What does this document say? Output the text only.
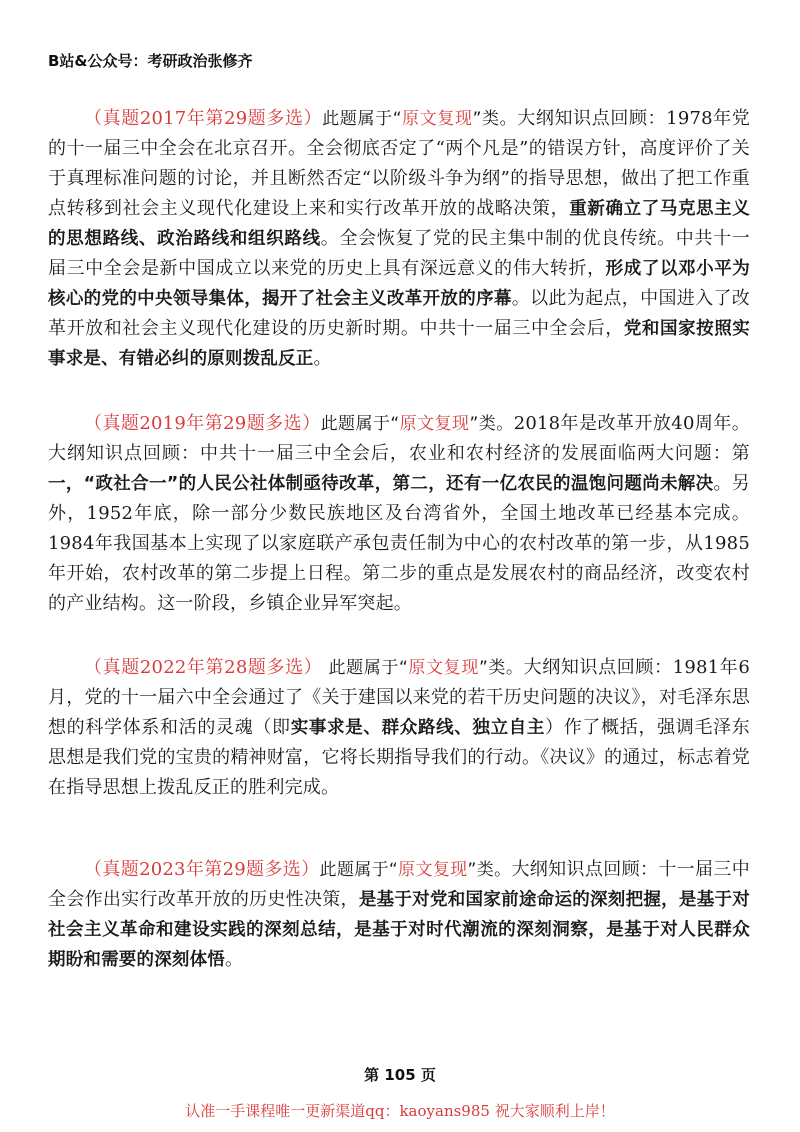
B站&公众号：考研政治张修齐

（真题2017年第29题多选）此题属于“原文复现”类。大纲知识点回顾：1978年党的十一届三中全会在北京召开。全会彻底否定了“两个凡是”的错误方针，高度评价了关于真理标准问题的讨论，并且断然否定“以阶级斗争为纲”的指导思想，做出了把工作重点转移到社会主义现代化建设上来和实行改革开放的战略决策，重新确立了马克思主义的思想路线、政治路线和组织路线。全会恢复了党的民主集中制的优良传统。中共十一届三中全会是新中国成立以来党的历史上具有深远意义的伟大转折，形成了以邓小平为核心的党的中央领导集体，揭开了社会主义改革开放的序幕。以此为起点，中国进入了改革开放和社会主义现代化建设的历史新时期。中共十一届三中全会后，党和国家按照实事求是、有错必纠的原则拨乱反正。

（真题2019年第29题多选）此题属于“原文复现”类。2018年是改革开放40周年。大纲知识点回顾：中共十一届三中全会后，农业和农村经济的发展面临两大问题：第一，“政社合一”的人民公社体制亟待改革，第二，还有一亿农民的温饱问题尚未解决。另外，1952年底，除一部分少数民族地区及台湾省外，全国土地改革已经基本完成。1984年我国基本上实现了以家庭联产承包责任制为中心的农村改革的第一步，从1985年开始，农村改革的第二步提上日程。第二步的重点是发展农村的商品经济，改变农村的产业结构。这一阶段，乡镇企业异军突起。

（真题2022年第28题多选） 此题属于“原文复现”类。大纲知识点回顾：1981年6月，党的十一届六中全会通过了《关于建国以来党的若干历史问题的决议》，对毛泽东思想的科学体系和活的灵魂（即实事求是、群众路线、独立自主）作了概括，强调毛泽东思想是我们党的宝贵的精神财富，它将长期指导我们的行动。《决议》的通过，标志着党在指导思想上拨乱反正的胜利完成。

（真题2023年第29题多选）此题属于“原文复现”类。大纲知识点回顾：十一届三中全会作出实行改革开放的历史性决策，是基于对党和国家前途命运的深刻把握，是基于对社会主义革命和建设实践的深刻总结，是基于对时代潮流的深刻洞察，是基于对人民群众期盼和需要的深刻体悟。

第 105 页
认准一手课程唯一更新渠道qq：kaoyans985 祝大家顺利上岸！
